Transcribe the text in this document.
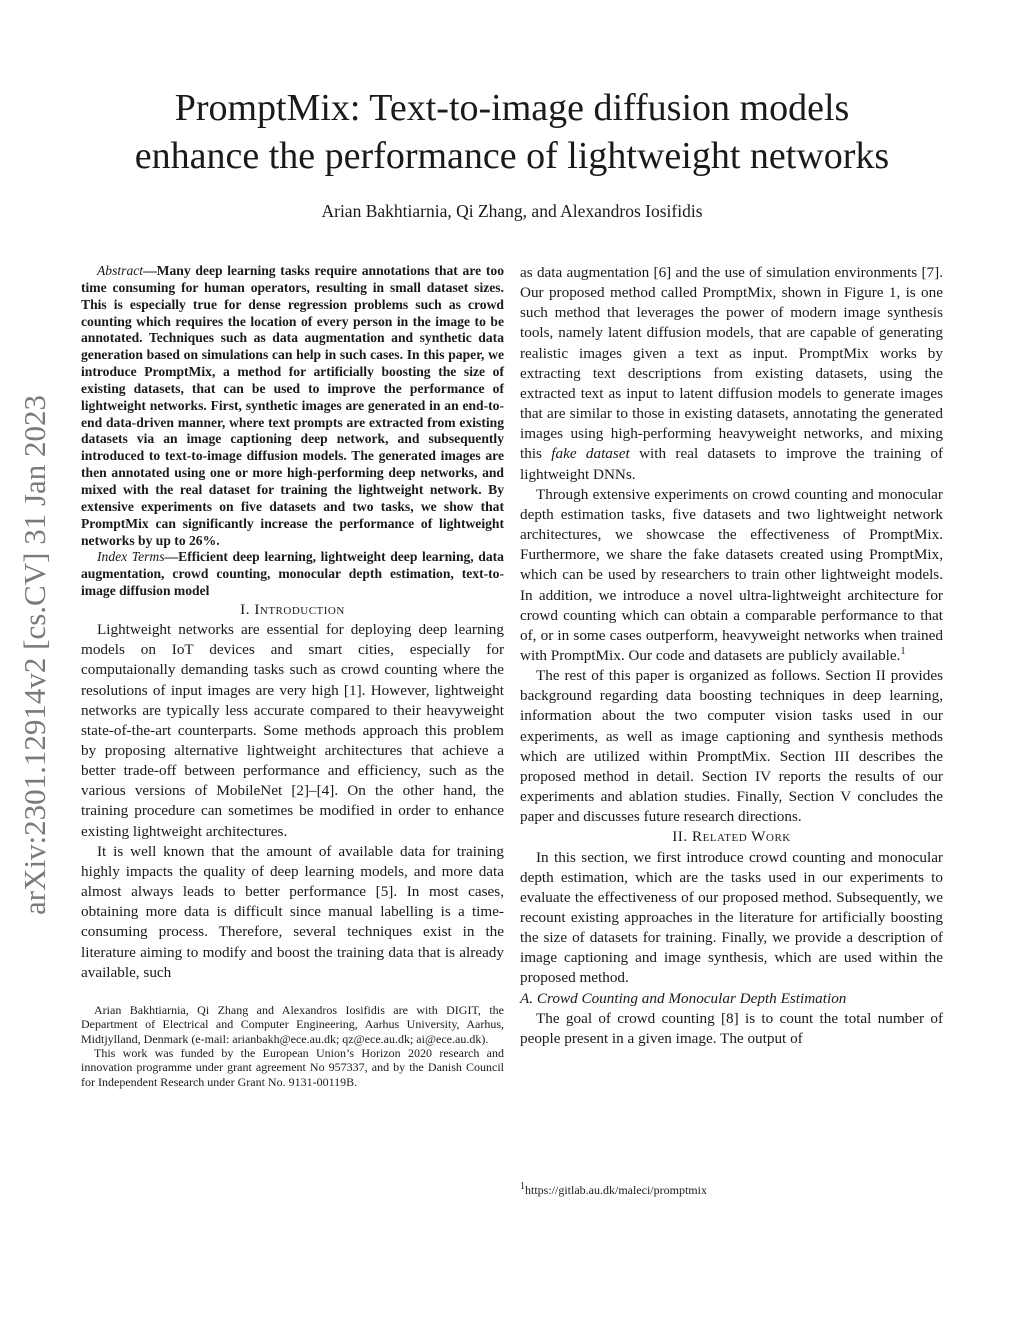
arXiv:2301.12914v2 [cs.CV] 31 Jan 2023
PromptMix: Text-to-image diffusion models
enhance the performance of lightweight networks

Arian Bakhtiarnia, Qi Zhang, and Alexandros Iosifidis

Abstract—Many deep learning tasks require annotations that are too time consuming for human operators, resulting in small dataset sizes. This is especially true for dense regression problems such as crowd counting which requires the location of every person in the image to be annotated. Techniques such as data augmentation and synthetic data generation based on simulations can help in such cases. In this paper, we introduce PromptMix, a method for artificially boosting the size of existing datasets, that can be used to improve the performance of lightweight networks. First, synthetic images are generated in an end-to-end data-driven manner, where text prompts are extracted from existing datasets via an image captioning deep network, and subsequently introduced to text-to-image diffusion models. The generated images are then annotated using one or more high-performing deep networks, and mixed with the real dataset for training the lightweight network. By extensive experiments on five datasets and two tasks, we show that PromptMix can significantly increase the performance of lightweight networks by up to 26%.

Index Terms—Efficient deep learning, lightweight deep learning, data augmentation, crowd counting, monocular depth estimation, text-to-image diffusion model

I. Introduction

Lightweight networks are essential for deploying deep learning models on IoT devices and smart cities, especially for computaionally demanding tasks such as crowd counting where the resolutions of input images are very high [1]. However, lightweight networks are typically less accurate compared to their heavyweight state-of-the-art counterparts. Some methods approach this problem by proposing alternative lightweight architectures that achieve a better trade-off between performance and efficiency, such as the various versions of MobileNet [2]–[4]. On the other hand, the training procedure can sometimes be modified in order to enhance existing lightweight architectures.

It is well known that the amount of available data for training highly impacts the quality of deep learning models, and more data almost always leads to better performance [5]. In most cases, obtaining more data is difficult since manual labelling is a time-consuming process. Therefore, several techniques exist in the literature aiming to modify and boost the training data that is already available, such

Arian Bakhtiarnia, Qi Zhang and Alexandros Iosifidis are with DIGIT, the Department of Electrical and Computer Engineering, Aarhus University, Aarhus, Midtjylland, Denmark (e-mail: arianbakh@ece.au.dk; qz@ece.au.dk; ai@ece.au.dk).

This work was funded by the European Union’s Horizon 2020 research and innovation programme under grant agreement No 957337, and by the Danish Council for Independent Research under Grant No. 9131-00119B.

as data augmentation [6] and the use of simulation environments [7]. Our proposed method called PromptMix, shown in Figure 1, is one such method that leverages the power of modern image synthesis tools, namely latent diffusion models, that are capable of generating realistic images given a text as input. PromptMix works by extracting text descriptions from existing datasets, using the extracted text as input to latent diffusion models to generate images that are similar to those in existing datasets, annotating the generated images using high-performing heavyweight networks, and mixing this fake dataset with real datasets to improve the training of lightweight DNNs.

Through extensive experiments on crowd counting and monocular depth estimation tasks, five datasets and two lightweight network architectures, we showcase the effectiveness of PromptMix. Furthermore, we share the fake datasets created using PromptMix, which can be used by researchers to train other lightweight models. In addition, we introduce a novel ultra-lightweight architecture for crowd counting which can obtain a comparable performance to that of, or in some cases outperform, heavyweight networks when trained with PromptMix. Our code and datasets are publicly available.$^1$

The rest of this paper is organized as follows. Section II provides background regarding data boosting techniques in deep learning, information about the two computer vision tasks used in our experiments, as well as image captioning and synthesis methods which are utilized within PromptMix. Section III describes the proposed method in detail. Section IV reports the results of our experiments and ablation studies. Finally, Section V concludes the paper and discusses future research directions.

II. Related Work

In this section, we first introduce crowd counting and monocular depth estimation, which are the tasks used in our experiments to evaluate the effectiveness of our proposed method. Subsequently, we recount existing approaches in the literature for artificially boosting the size of datasets for training. Finally, we provide a description of image captioning and image synthesis, which are used within the proposed method.

A. Crowd Counting and Monocular Depth Estimation

The goal of crowd counting [8] is to count the total number of people present in a given image. The output of

$^1$https://gitlab.au.dk/maleci/promptmix
